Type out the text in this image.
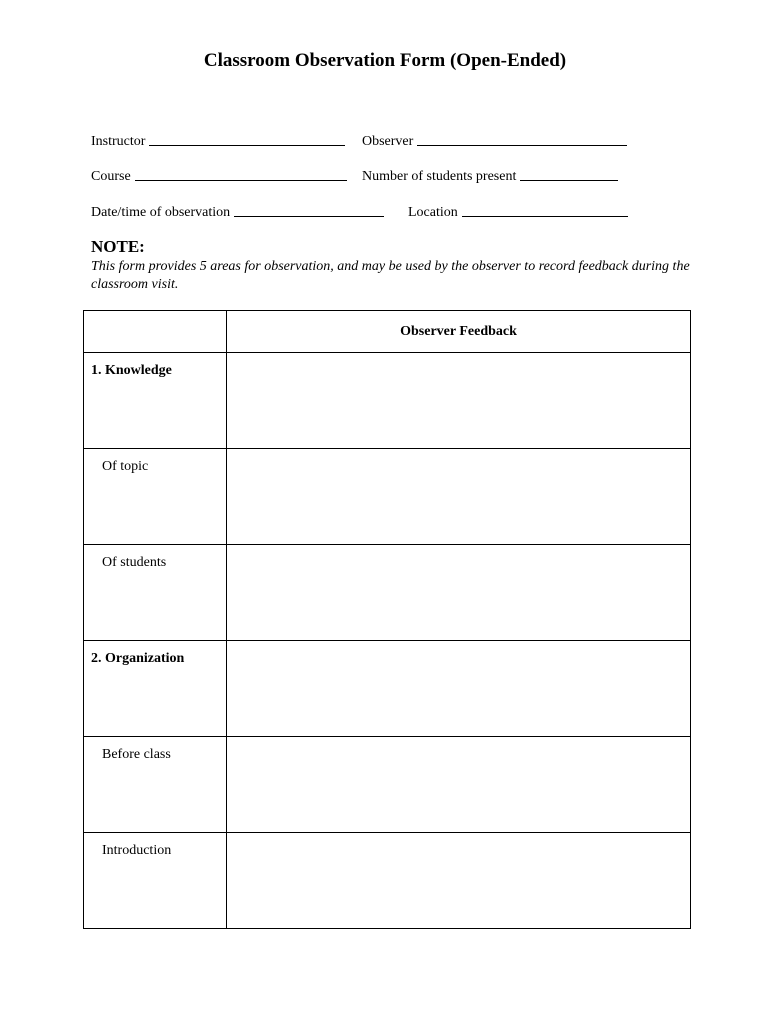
Classroom Observation Form (Open-Ended)
Instructor	Observer
Course	Number of students present
Date/time of observation	Location
NOTE:

This form provides 5 areas for observation, and may be used by the observer to record feedback during the classroom visit.

	Observer Feedback

1. Knowledge	

Of topic	

Of students	

2. Organization	

Before class	

Introduction	
